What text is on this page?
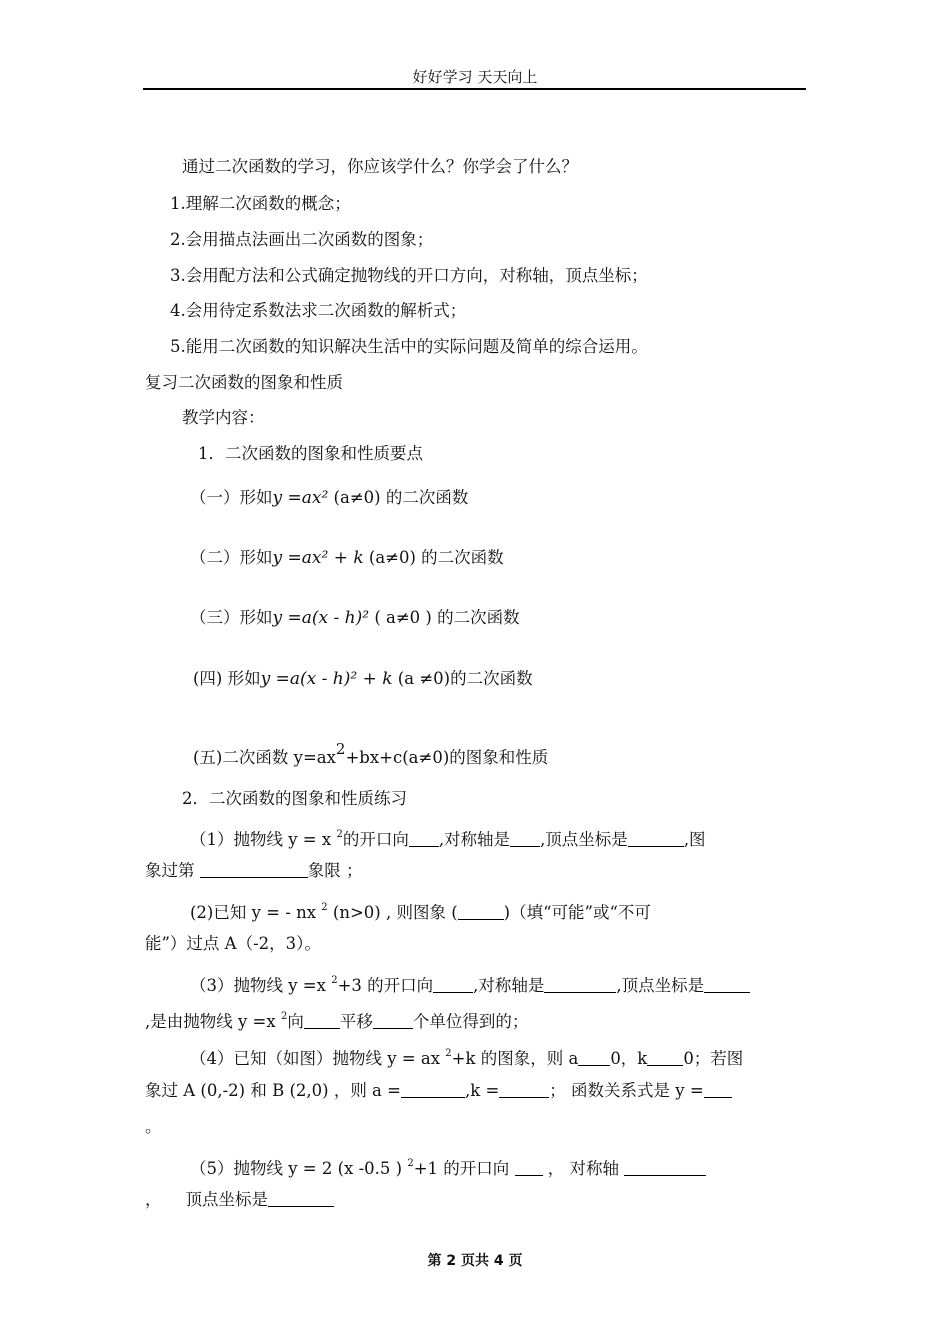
好好学习 天天向上
通过二次函数的学习，你应该学什么？你学会了什么？
1.理解二次函数的概念；
2.会用描点法画出二次函数的图象；
3.会用配方法和公式确定抛物线的开口方向，对称轴，顶点坐标；
4.会用待定系数法求二次函数的解析式；
5.能用二次函数的知识解决生活中的实际问题及简单的综合运用。
复习二次函数的图象和性质
教学内容：
1．二次函数的图象和性质要点
（一）形如y =ax² (a≠0) 的二次函数
（二）形如y =ax² + k (a≠0) 的二次函数
（三）形如y =a(x - h)² ( a≠0 ) 的二次函数
(四) 形如y =a(x - h)² + k (a ≠0)的二次函数
(五)二次函数 y=ax2+bx+c(a≠0)的图象和性质
2．二次函数的图象和性质练习
（1）抛物线 y = x $^2$的开口向 ,对称轴是 ,顶点坐标是	,图
象过第	象限 ；
(2)已知 y = - nx $^2$ (n>0) , 则图象 (	)（填“可能”或“不可
能”）过点 A（-2，3）。
（3）抛物线 y =x $^2$+3 的开口向 ,对称轴是	,顶点坐标是
,是由抛物线 y =x $^2$向 平移 个单位得到的；
（4）已知（如图）抛物线 y = ax $^2$+k 的图象，则 a 0，k 0；若图
象过 A (0,-2) 和 B (2,0) ，则 a =	,k =	； 函数关系式是 y =
。
（5）抛物线 y = 2 (x -0.5 ) $^2$+1 的开口向  ， 对称轴
， 顶点坐标是
第 2 页共 4 页
